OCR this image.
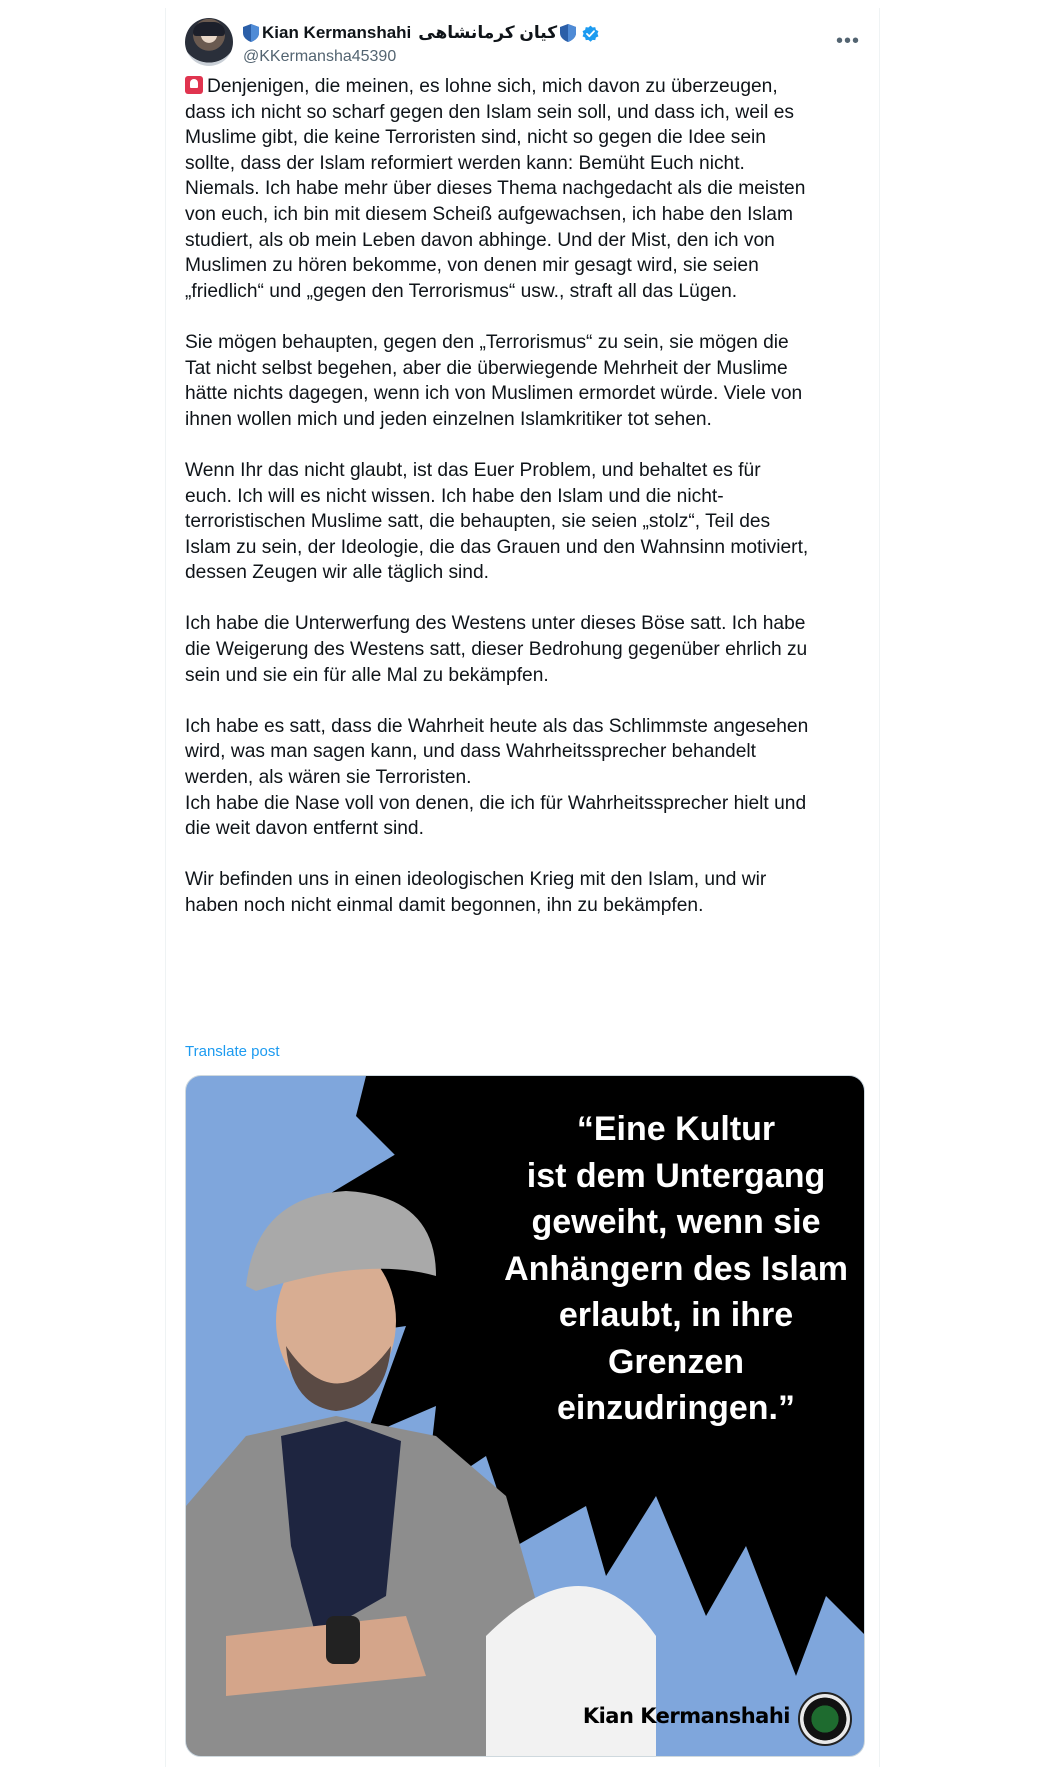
Kian Kermanshahi کیان کرمانشاهی
@KKermansha45390
•••

Denjenigen, die meinen, es lohne sich, mich davon zu überzeugen,
dass ich nicht so scharf gegen den Islam sein soll, und dass ich, weil es
Muslime gibt, die keine Terroristen sind, nicht so gegen die Idee sein
sollte, dass der Islam reformiert werden kann: Bemüht Euch nicht.
Niemals. Ich habe mehr über dieses Thema nachgedacht als die meisten
von euch, ich bin mit diesem Scheiß aufgewachsen, ich habe den Islam
studiert, als ob mein Leben davon abhinge. Und der Mist, den ich von
Muslimen zu hören bekomme, von denen mir gesagt wird, sie seien
„friedlich“ und „gegen den Terrorismus“ usw., straft all das Lügen.

Sie mögen behaupten, gegen den „Terrorismus“ zu sein, sie mögen die
Tat nicht selbst begehen, aber die überwiegende Mehrheit der Muslime
hätte nichts dagegen, wenn ich von Muslimen ermordet würde. Viele von
ihnen wollen mich und jeden einzelnen Islamkritiker tot sehen.

Wenn Ihr das nicht glaubt, ist das Euer Problem, und behaltet es für
euch. Ich will es nicht wissen. Ich habe den Islam und die nicht-
terroristischen Muslime satt, die behaupten, sie seien „stolz“, Teil des
Islam zu sein, der Ideologie, die das Grauen und den Wahnsinn motiviert,
dessen Zeugen wir alle täglich sind.

Ich habe die Unterwerfung des Westens unter dieses Böse satt. Ich habe
die Weigerung des Westens satt, dieser Bedrohung gegenüber ehrlich zu
sein und sie ein für alle Mal zu bekämpfen.

Ich habe es satt, dass die Wahrheit heute als das Schlimmste angesehen
wird, was man sagen kann, und dass Wahrheitssprecher behandelt
werden, als wären sie Terroristen.
Ich habe die Nase voll von denen, die ich für Wahrheitssprecher hielt und
die weit davon entfernt sind.

Wir befinden uns in einen ideologischen Krieg mit den Islam, und wir
haben noch nicht einmal damit begonnen, ihn zu bekämpfen.

Translate post
“Eine Kultur
ist dem Untergang
geweiht, wenn sie
Anhängern des Islam
erlaubt, in ihre
Grenzen
einzudringen.”
Kian Kermanshahi
